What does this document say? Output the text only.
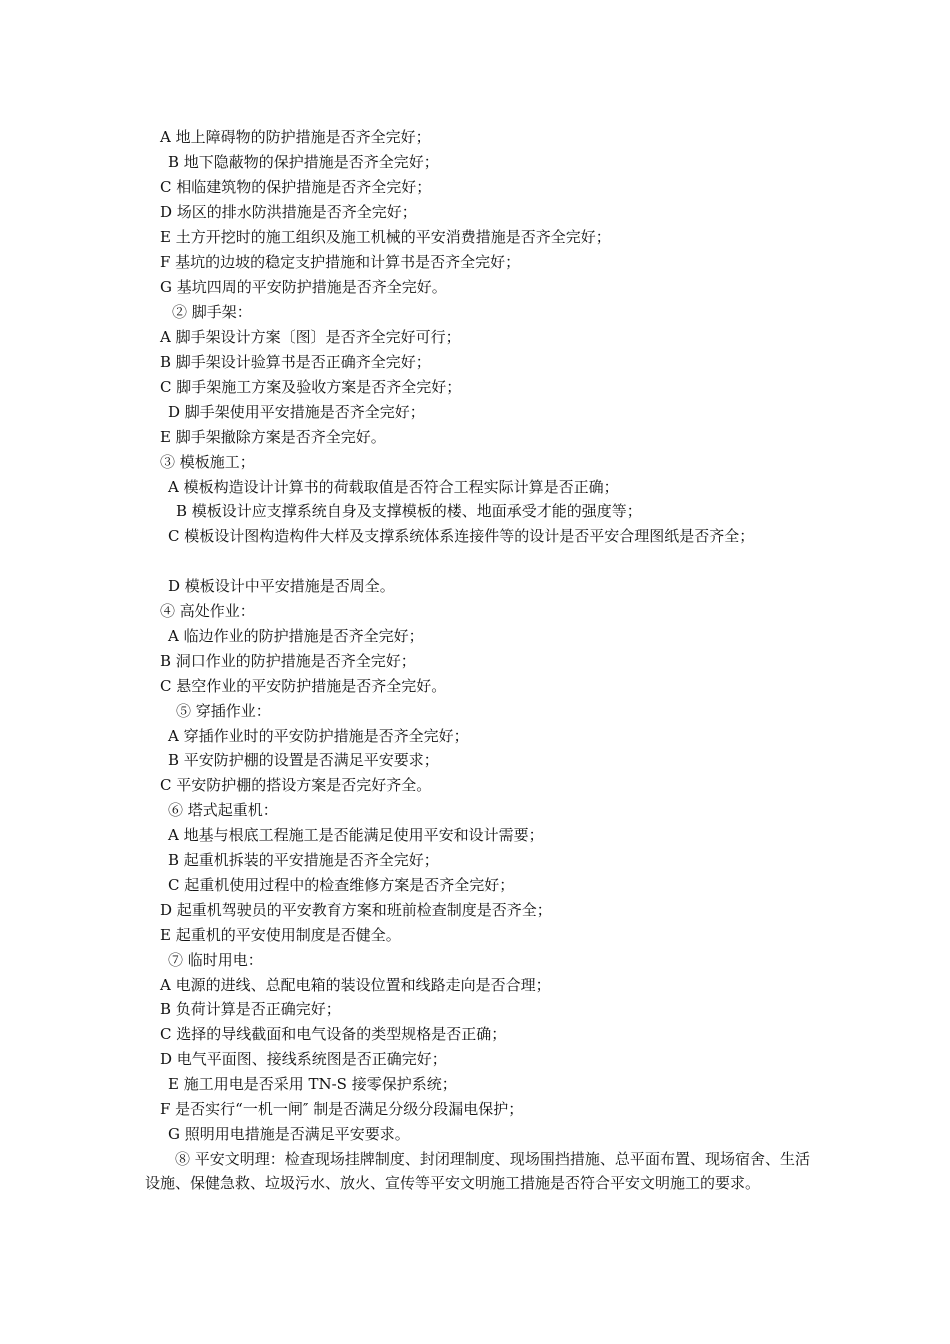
A 地上障碍物的防护措施是否齐全完好；
B 地下隐蔽物的保护措施是否齐全完好；
C 相临建筑物的保护措施是否齐全完好；
D 场区的排水防洪措施是否齐全完好；
E 土方开挖时的施工组织及施工机械的平安消费措施是否齐全完好；
F 基坑的边坡的稳定支护措施和计算书是否齐全完好；
G 基坑四周的平安防护措施是否齐全完好。
② 脚手架：
A 脚手架设计方案〔图〕是否齐全完好可行；
B 脚手架设计验算书是否正确齐全完好；
C 脚手架施工方案及验收方案是否齐全完好；
D 脚手架使用平安措施是否齐全完好；
E 脚手架撤除方案是否齐全完好。
③ 模板施工；
A 模板构造设计计算书的荷载取值是否符合工程实际计算是否正确；
B 模板设计应支撑系统自身及支撑模板的楼、地面承受才能的强度等；
C 模板设计图构造构件大样及支撑系统体系连接件等的设计是否平安合理图纸是否齐全；
D 模板设计中平安措施是否周全。
④ 高处作业：
A 临边作业的防护措施是否齐全完好；
B 洞口作业的防护措施是否齐全完好；
C 悬空作业的平安防护措施是否齐全完好。
⑤ 穿插作业：
A 穿插作业时的平安防护措施是否齐全完好；
B 平安防护棚的设置是否满足平安要求；
C 平安防护棚的搭设方案是否完好齐全。
⑥ 塔式起重机：
A 地基与根底工程施工是否能满足使用平安和设计需要；
B 起重机拆装的平安措施是否齐全完好；
C 起重机使用过程中的检查维修方案是否齐全完好；
D 起重机驾驶员的平安教育方案和班前检查制度是否齐全；
E 起重机的平安使用制度是否健全。
⑦ 临时用电：
A 电源的进线、总配电箱的装设位置和线路走向是否合理；
B 负荷计算是否正确完好；
C 选择的导线截面和电气设备的类型规格是否正确；
D 电气平面图、接线系统图是否正确完好；
E 施工用电是否采用 TN-S 接零保护系统；
F 是否实行“一机一闸″ 制是否满足分级分段漏电保护；
G 照明用电措施是否满足平安要求。
⑧ 平安文明理：检查现场挂牌制度、封闭理制度、现场围挡措施、总平面布置、现场宿舍、生活设施、保健急救、垃圾污水、放火、宣传等平安文明施工措施是否符合平安文明施工的要求。
